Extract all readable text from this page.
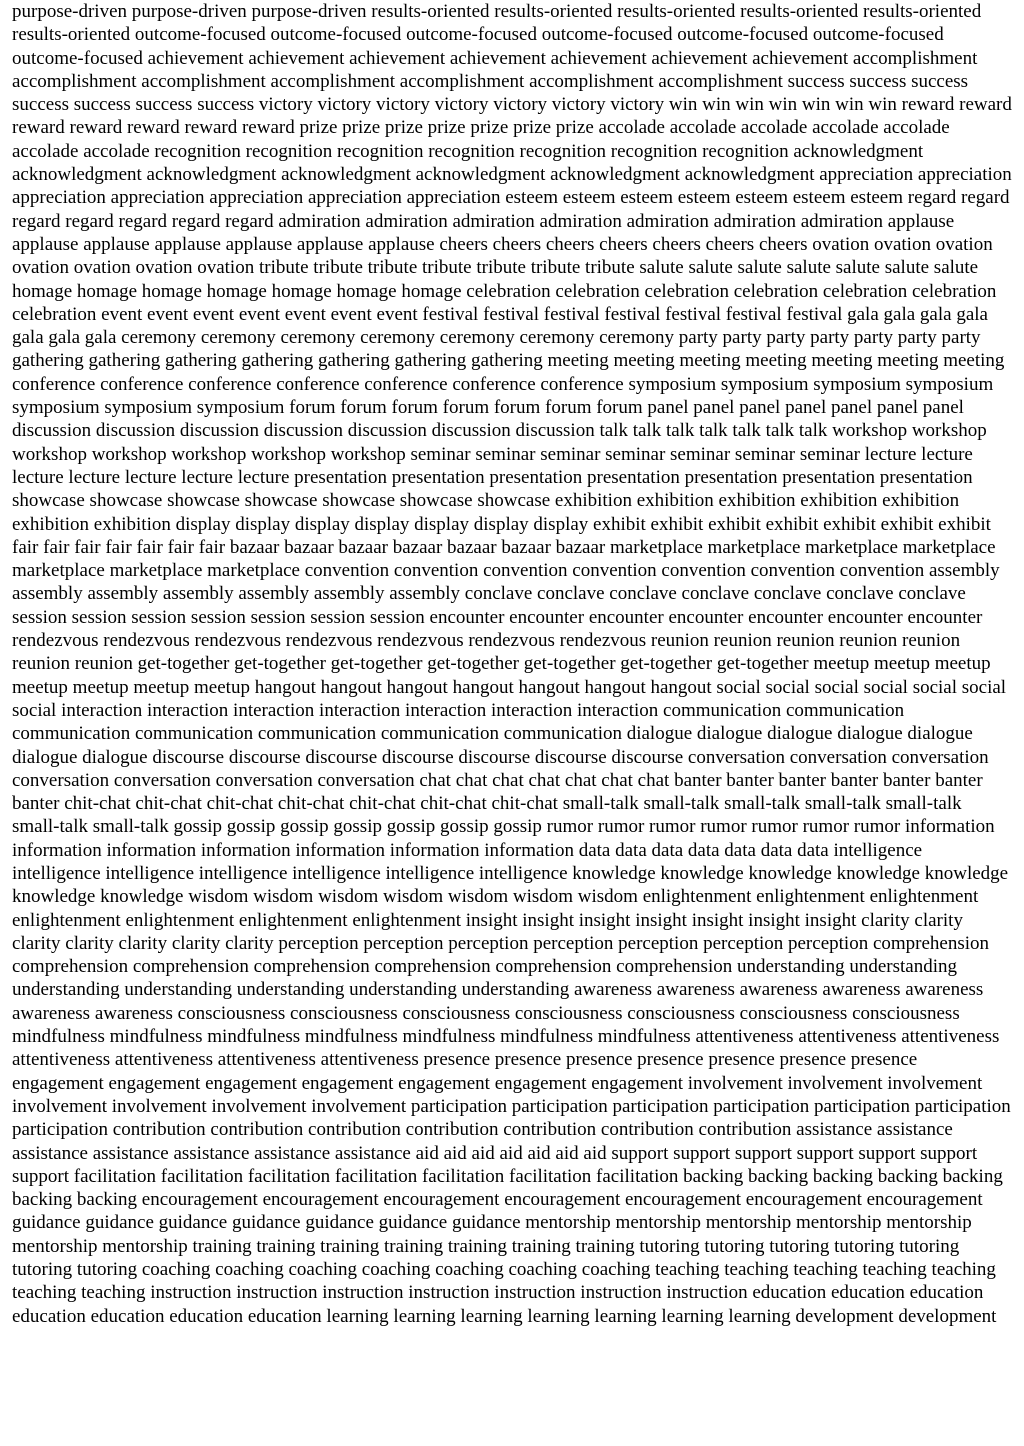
purpose-driven purpose-driven purpose-driven results-oriented results-oriented results-oriented results-oriented results-oriented results-oriented outcome-focused outcome-focused outcome-focused outcome-focused outcome-focused outcome-focused outcome-focused achievement achievement achievement achievement achievement achievement achievement accomplishment accomplishment accomplishment accomplishment accomplishment accomplishment accomplishment success success success success success success success victory victory victory victory victory victory victory win win win win win win win reward reward reward reward reward reward reward prize prize prize prize prize prize prize accolade accolade accolade accolade accolade accolade accolade recognition recognition recognition recognition recognition recognition recognition acknowledgment acknowledgment acknowledgment acknowledgment acknowledgment acknowledgment acknowledgment appreciation appreciation appreciation appreciation appreciation appreciation appreciation esteem esteem esteem esteem esteem esteem esteem regard regard regard regard regard regard regard admiration admiration admiration admiration admiration admiration admiration applause applause applause applause applause applause applause cheers cheers cheers cheers cheers cheers cheers ovation ovation ovation ovation ovation ovation ovation tribute tribute tribute tribute tribute tribute tribute salute salute salute salute salute salute salute homage homage homage homage homage homage homage celebration celebration celebration celebration celebration celebration celebration event event event event event event event festival festival festival festival festival festival festival gala gala gala gala gala gala gala ceremony ceremony ceremony ceremony ceremony ceremony ceremony party party party party party party party gathering gathering gathering gathering gathering gathering gathering meeting meeting meeting meeting meeting meeting meeting conference conference conference conference conference conference conference symposium symposium symposium symposium symposium symposium symposium forum forum forum forum forum forum forum panel panel panel panel panel panel panel discussion discussion discussion discussion discussion discussion discussion talk talk talk talk talk talk talk workshop workshop workshop workshop workshop workshop workshop seminar seminar seminar seminar seminar seminar seminar lecture lecture lecture lecture lecture lecture lecture presentation presentation presentation presentation presentation presentation presentation showcase showcase showcase showcase showcase showcase showcase exhibition exhibition exhibition exhibition exhibition exhibition exhibition display display display display display display display exhibit exhibit exhibit exhibit exhibit exhibit exhibit fair fair fair fair fair fair fair bazaar bazaar bazaar bazaar bazaar bazaar bazaar marketplace marketplace marketplace marketplace marketplace marketplace marketplace convention convention convention convention convention convention convention assembly assembly assembly assembly assembly assembly assembly conclave conclave conclave conclave conclave conclave conclave session session session session session session session encounter encounter encounter encounter encounter encounter encounter rendezvous rendezvous rendezvous rendezvous rendezvous rendezvous rendezvous reunion reunion reunion reunion reunion reunion reunion get-together get-together get-together get-together get-together get-together get-together meetup meetup meetup meetup meetup meetup meetup hangout hangout hangout hangout hangout hangout hangout social social social social social social social interaction interaction interaction interaction interaction interaction interaction communication communication communication communication communication communication communication dialogue dialogue dialogue dialogue dialogue dialogue dialogue discourse discourse discourse discourse discourse discourse discourse conversation conversation conversation conversation conversation conversation conversation chat chat chat chat chat chat chat banter banter banter banter banter banter banter chit-chat chit-chat chit-chat chit-chat chit-chat chit-chat chit-chat small-talk small-talk small-talk small-talk small-talk small-talk small-talk gossip gossip gossip gossip gossip gossip gossip rumor rumor rumor rumor rumor rumor rumor information information information information information information information data data data data data data data intelligence intelligence intelligence intelligence intelligence intelligence intelligence knowledge knowledge knowledge knowledge knowledge knowledge knowledge wisdom wisdom wisdom wisdom wisdom wisdom wisdom enlightenment enlightenment enlightenment enlightenment enlightenment enlightenment enlightenment insight insight insight insight insight insight insight clarity clarity clarity clarity clarity clarity clarity perception perception perception perception perception perception perception comprehension comprehension comprehension comprehension comprehension comprehension comprehension understanding understanding understanding understanding understanding understanding understanding awareness awareness awareness awareness awareness awareness awareness consciousness consciousness consciousness consciousness consciousness consciousness consciousness mindfulness mindfulness mindfulness mindfulness mindfulness mindfulness mindfulness attentiveness attentiveness attentiveness attentiveness attentiveness attentiveness attentiveness presence presence presence presence presence presence presence engagement engagement engagement engagement engagement engagement engagement involvement involvement involvement involvement involvement involvement involvement participation participation participation participation participation participation participation contribution contribution contribution contribution contribution contribution contribution assistance assistance assistance assistance assistance assistance assistance aid aid aid aid aid aid aid support support support support support support support facilitation facilitation facilitation facilitation facilitation facilitation facilitation backing backing backing backing backing backing backing encouragement encouragement encouragement encouragement encouragement encouragement encouragement guidance guidance guidance guidance guidance guidance guidance mentorship mentorship mentorship mentorship mentorship mentorship mentorship training training training training training training training tutoring tutoring tutoring tutoring tutoring tutoring tutoring coaching coaching coaching coaching coaching coaching coaching teaching teaching teaching teaching teaching teaching teaching instruction instruction instruction instruction instruction instruction instruction education education education education education education education learning learning learning learning learning learning learning development development
